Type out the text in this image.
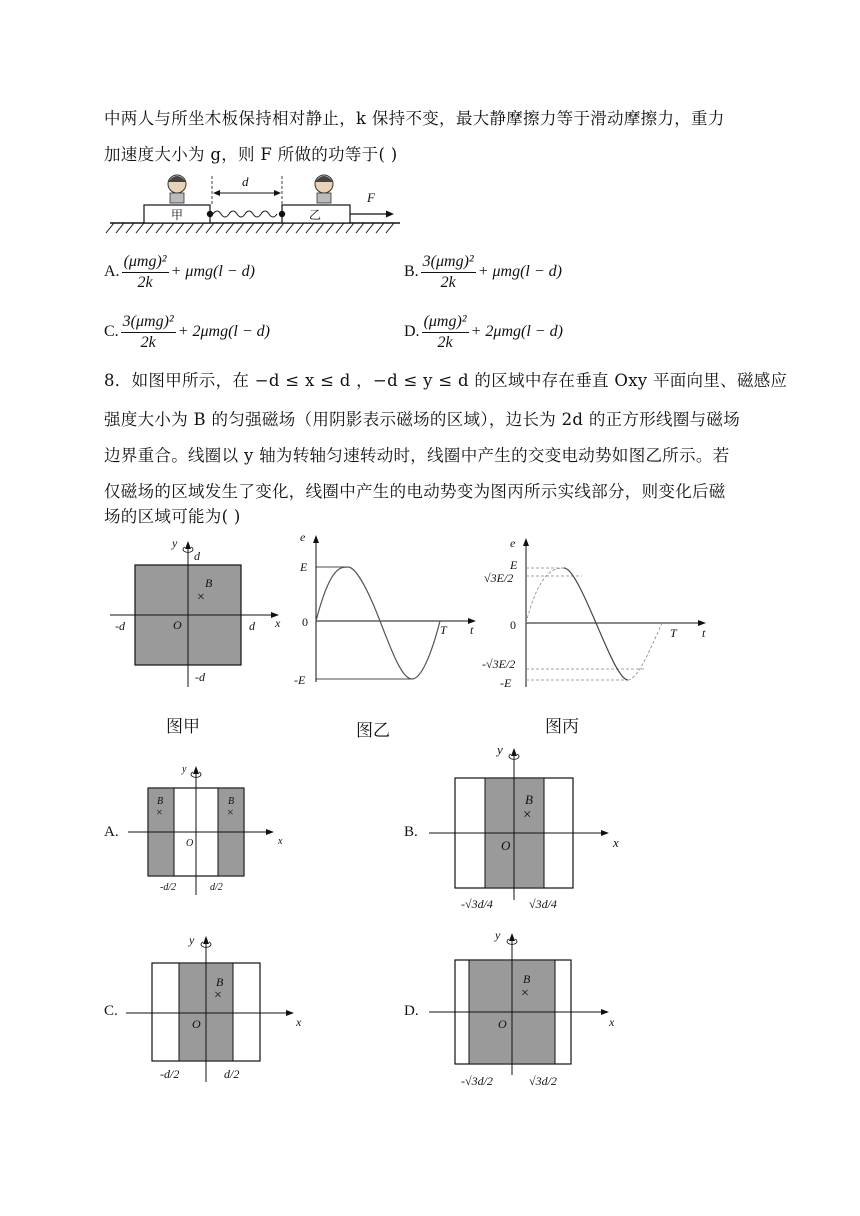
中两人与所坐木板保持相对静止，k 保持不变，最大静摩擦力等于滑动摩擦力，重力
加速度大小为 g，则 F 所做的功等于( )
甲	乙
d
F
A. $\frac{\text{(μmg)²}}{2k} + \mu mg(l - d)$	B. $\frac{\text{3(μmg)²}}{2k} + \mu mg(l - d)$
C. $\frac{\text{3(μmg)²}}{2k} + 2\mu mg(l - d)$	D. $\frac{\text{(μmg)²}}{2k} + 2\mu mg(l - d)$
8．如图甲所示，在 −d ≤ x ≤ d ，−d ≤ y ≤ d 的区域中存在垂直 Oxy 平面向里、磁感应
强度大小为 B 的匀强磁场（用阴影表示磁场的区域），边长为 2d 的正方形线圈与磁场
边界重合。线圈以 y 轴为转轴匀速转动时，线圈中产生的交变电动势如图乙所示。若
仅磁场的区域发生了变化，线圈中产生的电动势变为图丙所示实线部分，则变化后磁
场的区域可能为( )
y
d
x
d
-d
-d
O
B
×
图甲
e
E
0
-E
T t
图乙
e
E
√3E/2
0
-√3E/2
-E
T t
图丙
A.
y
x
O
B
×
B
×
-d/2	d/2
B.
y
x
O
B
×
-√3d/4	√3d/4
C.
y
x
O
B
×
-d/2	d/2
D.
y
x
O
B
×
-√3d/2	√3d/2
